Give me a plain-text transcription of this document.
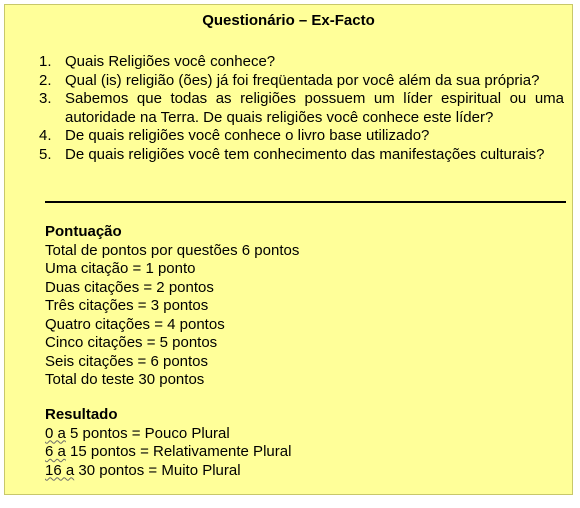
Questionário – Ex-Facto
1. Quais Religiões você conhece?
2. Qual (is) religião (ões) já foi freqüentada por você além da sua própria?
3. Sabemos que todas as religiões possuem um líder espiritual ou uma autoridade na Terra. De quais religiões você conhece este líder?
4. De quais religiões você conhece o livro base utilizado?
5. De quais religiões você tem conhecimento das manifestações culturais?
Pontuação
Total de pontos por questões 6 pontos
Uma citação = 1 ponto
Duas citações = 2 pontos
Três citações = 3 pontos
Quatro citações = 4 pontos
Cinco citações = 5 pontos
Seis citações = 6 pontos
Total do teste 30 pontos
Resultado
0 a 5 pontos = Pouco Plural
6 a 15 pontos = Relativamente Plural
16 a 30 pontos = Muito Plural
